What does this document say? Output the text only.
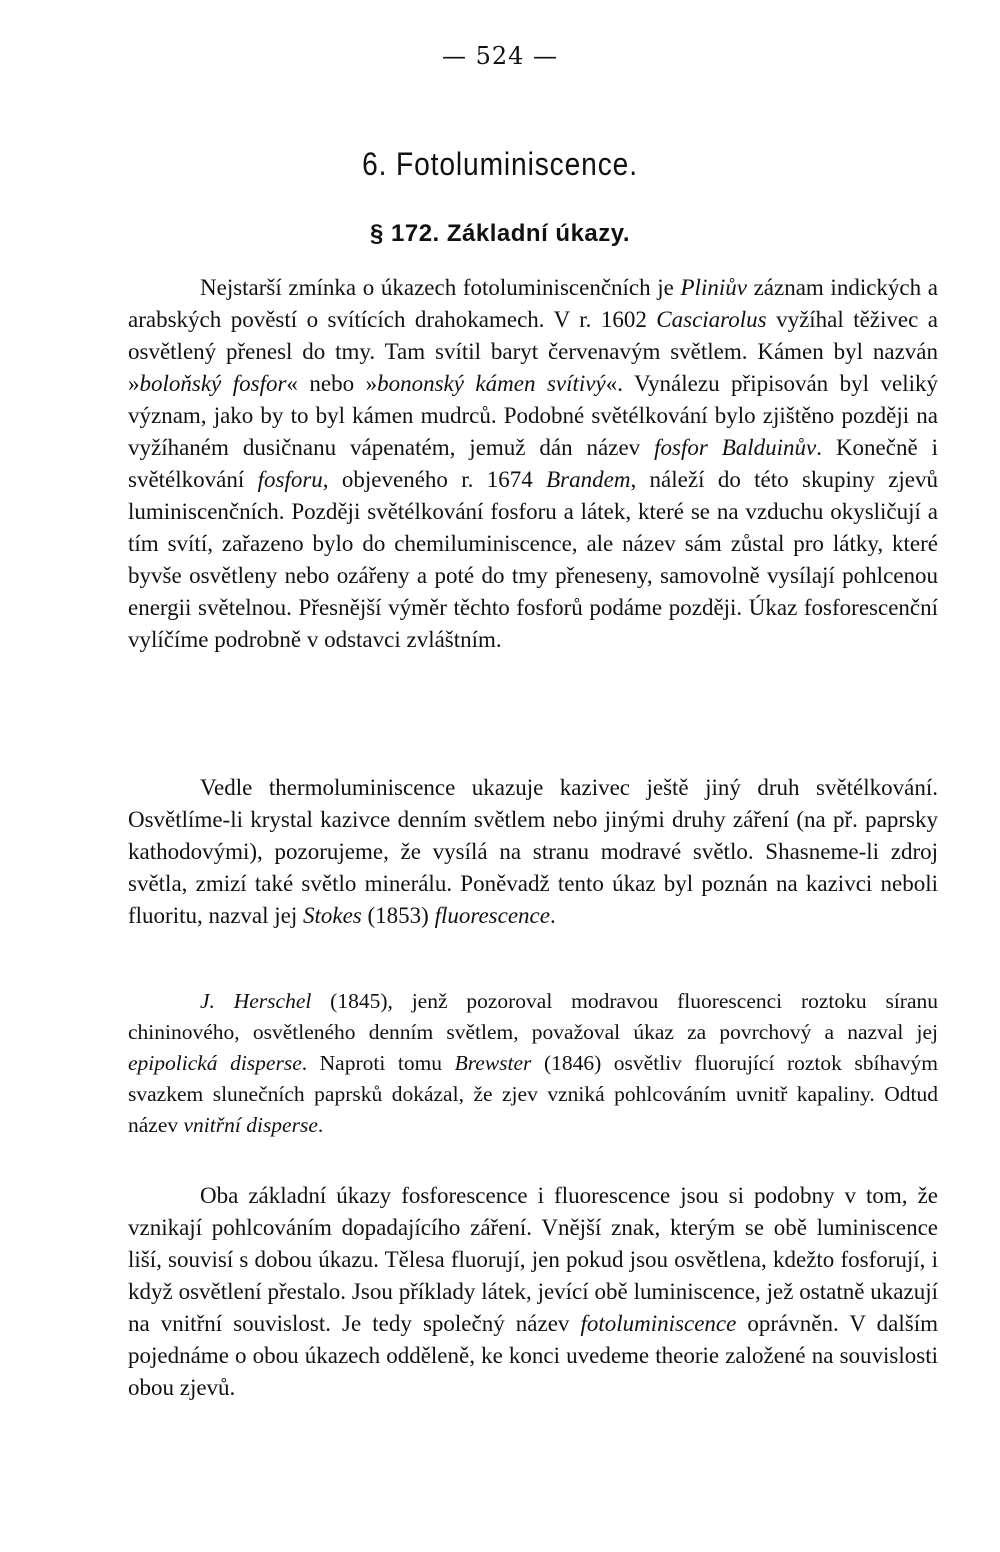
— 524 —
6. Fotoluminiscence.
§ 172. Základní úkazy.

Nejstarší zmínka o úkazech fotoluminiscenčních je Pliniův záznam indických a arabských pověstí o svítících drahokamech. V r. 1602 Casciarolus vyžíhal těživec a osvětlený přenesl do tmy. Tam svítil baryt červenavým světlem. Kámen byl nazván »boloňský fosfor« nebo »bononský kámen svítivý«. Vynálezu připisován byl veliký význam, jako by to byl kámen mudrců. Podobné světélkování bylo zjištěno později na vyžíhaném dusičnanu vápenatém, jemuž dán název fosfor Balduinův. Konečně i světélkování fosforu, objeveného r. 1674 Brandem, náleží do této skupiny zjevů luminiscenčních. Později světélkování fosforu a látek, které se na vzduchu okysličují a tím svítí, zařazeno bylo do chemiluminiscence, ale název sám zůstal pro látky, které byvše osvětleny nebo ozářeny a poté do tmy přeneseny, samovolně vysílají pohlcenou energii světelnou. Přesnější výměr těchto fosforů podáme později. Úkaz fosforescenční vylíčíme podrobně v odstavci zvláštním.

Vedle thermoluminiscence ukazuje kazivec ještě jiný druh světélkování. Osvětlíme-li krystal kazivce denním světlem nebo jinými druhy záření (na př. paprsky kathodovými), pozorujeme, že vysílá na stranu modravé světlo. Shasneme-li zdroj světla, zmizí také světlo minerálu. Poněvadž tento úkaz byl poznán na kazivci neboli fluoritu, nazval jej Stokes (1853) fluorescence.

J. Herschel (1845), jenž pozoroval modravou fluorescenci roztoku síranu chininového, osvětleného denním světlem, považoval úkaz za povrchový a nazval jej epipolická disperse. Naproti tomu Brewster (1846) osvětliv fluorující roztok sbíhavým svazkem slunečních paprsků dokázal, že zjev vzniká pohlcováním uvnitř kapaliny. Odtud název vnitřní disperse.

Oba základní úkazy fosforescence i fluorescence jsou si podobny v tom, že vznikají pohlcováním dopadajícího záření. Vnější znak, kterým se obě luminiscence liší, souvisí s dobou úkazu. Tělesa fluorují, jen pokud jsou osvětlena, kdežto fosforují, i když osvětlení přestalo. Jsou příklady látek, jevící obě luminiscence, jež ostatně ukazují na vnitřní souvislost. Je tedy společný název fotoluminiscence oprávněn. V dalším pojednáme o obou úkazech odděleně, ke konci uvedeme theorie založené na souvislosti obou zjevů.
